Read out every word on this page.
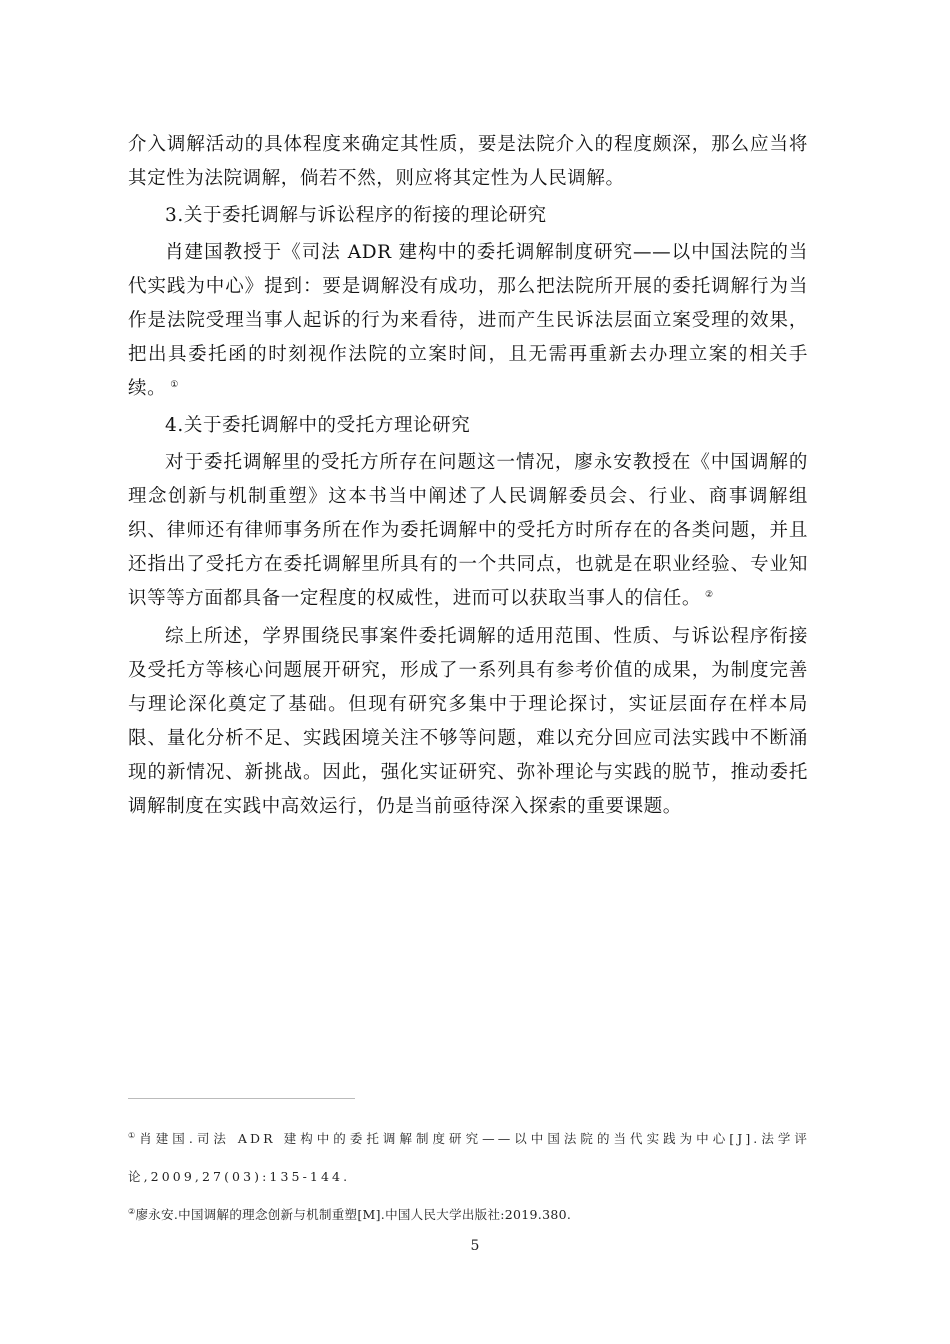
介入调解活动的具体程度来确定其性质，要是法院介入的程度颇深，那么应当将其定性为法院调解，倘若不然，则应将其定性为人民调解。

3.关于委托调解与诉讼程序的衔接的理论研究

肖建国教授于《司法 ADR 建构中的委托调解制度研究——以中国法院的当代实践为中心》提到：要是调解没有成功，那么把法院所开展的委托调解行为当作是法院受理当事人起诉的行为来看待，进而产生民诉法层面立案受理的效果，把出具委托函的时刻视作法院的立案时间，且无需再重新去办理立案的相关手续。 ①

4.关于委托调解中的受托方理论研究

对于委托调解里的受托方所存在问题这一情况，廖永安教授在《中国调解的理念创新与机制重塑》这本书当中阐述了人民调解委员会、行业、商事调解组织、律师还有律师事务所在作为委托调解中的受托方时所存在的各类问题，并且还指出了受托方在委托调解里所具有的一个共同点，也就是在职业经验、专业知识等等方面都具备一定程度的权威性，进而可以获取当事人的信任。 ②

综上所述，学界围绕民事案件委托调解的适用范围、性质、与诉讼程序衔接及受托方等核心问题展开研究，形成了一系列具有参考价值的成果，为制度完善与理论深化奠定了基础。但现有研究多集中于理论探讨，实证层面存在样本局限、量化分析不足、实践困境关注不够等问题，难以充分回应司法实践中不断涌现的新情况、新挑战。因此，强化实证研究、弥补理论与实践的脱节，推动委托调解制度在实践中高效运行，仍是当前亟待深入探索的重要课题。

①肖建国.司法 ADR 建构中的委托调解制度研究——以中国法院的当代实践为中心[J].法学评论,2009,27(03):135-144.

②廖永安.中国调解的理念创新与机制重塑[M].中国人民大学出版社:2019.380.

5
